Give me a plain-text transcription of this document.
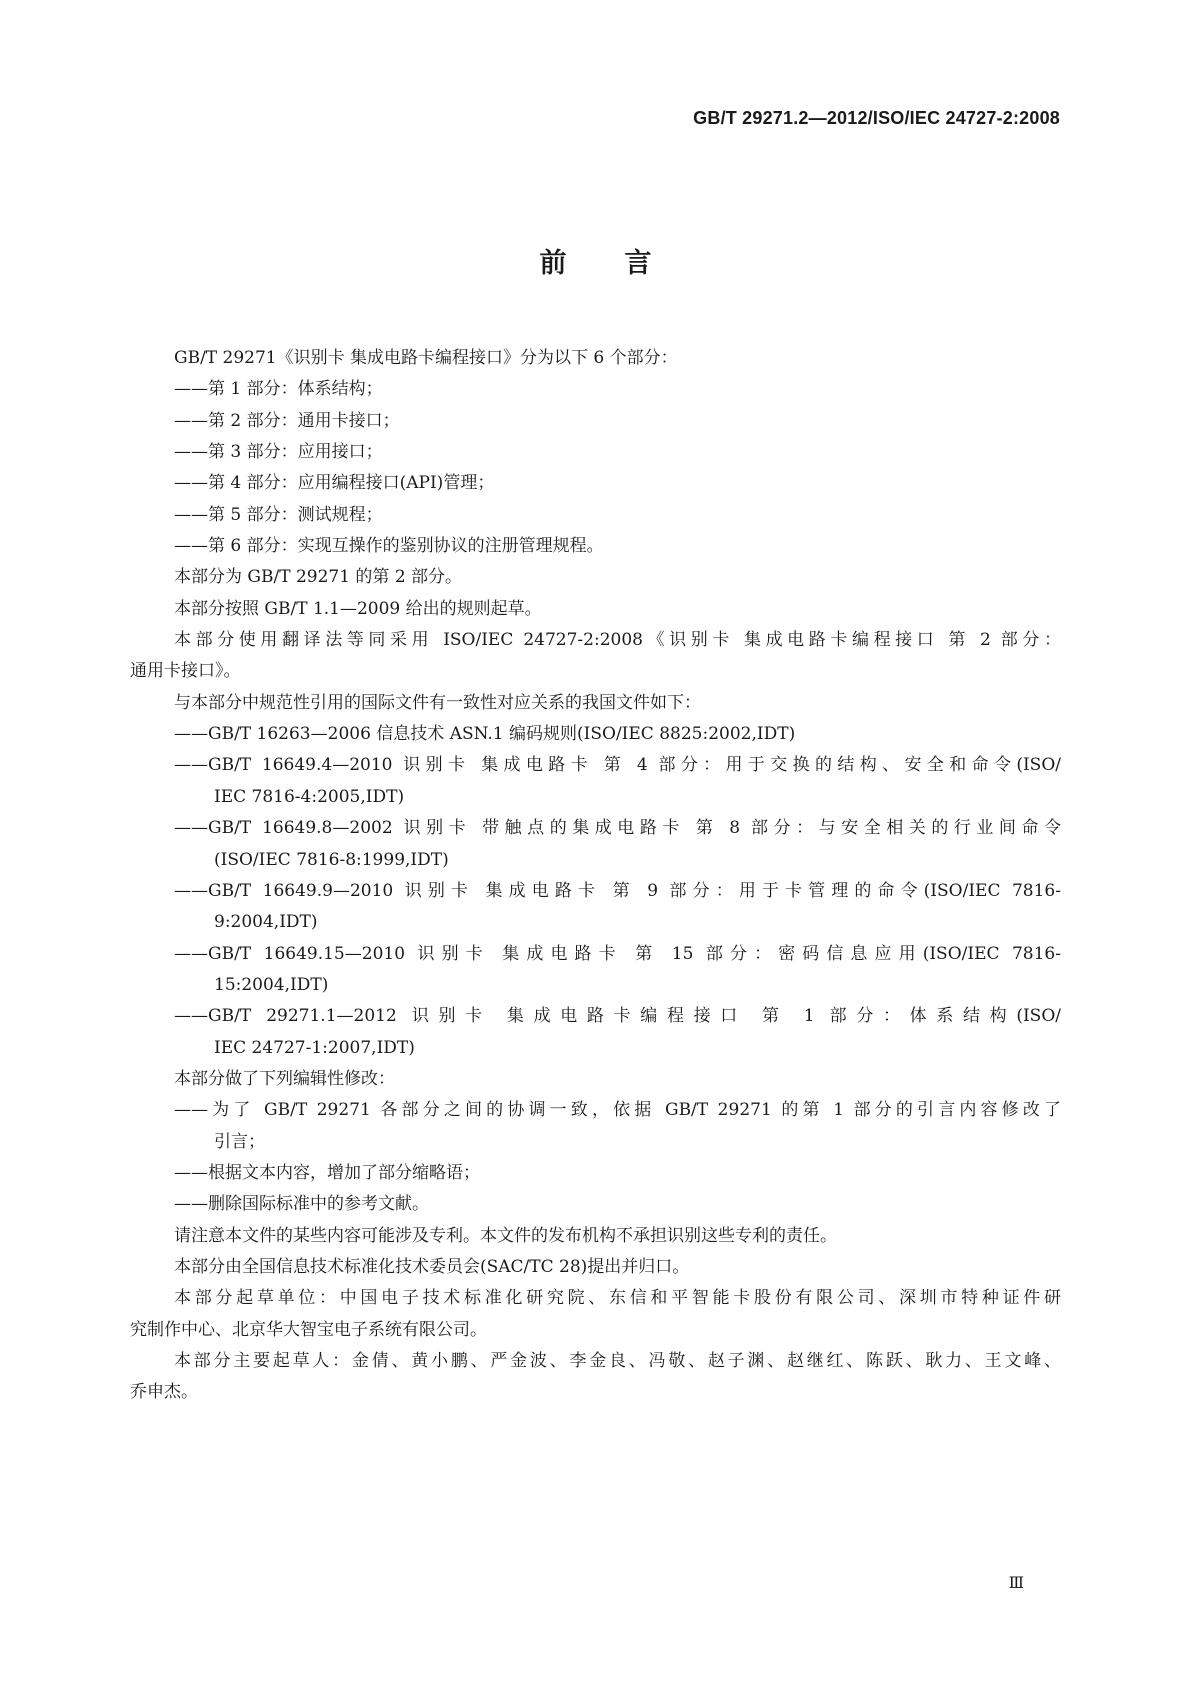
GB/T 29271.2—2012/ISO/IEC 24727-2:2008
前言
GB/T 29271《识别卡 集成电路卡编程接口》分为以下 6 个部分：
——第 1 部分：体系结构；
——第 2 部分：通用卡接口；
——第 3 部分：应用接口；
——第 4 部分：应用编程接口(API)管理；
——第 5 部分：测试规程；
——第 6 部分：实现互操作的鉴别协议的注册管理规程。
本部分为 GB/T 29271 的第 2 部分。
本部分按照 GB/T 1.1—2009 给出的规则起草。
本部分使用翻译法等同采用 ISO/IEC 24727-2:2008《识别卡 集成电路卡编程接口 第 2 部分：
通用卡接口》。
与本部分中规范性引用的国际文件有一致性对应关系的我国文件如下：
——GB/T 16263—2006 信息技术 ASN.1 编码规则(ISO/IEC 8825:2002,IDT)
——GB/T 16649.4—2010 识别卡 集成电路卡 第 4 部分：用于交换的结构、安全和命令(ISO/
IEC 7816-4:2005,IDT)
——GB/T 16649.8—2002 识别卡 带触点的集成电路卡 第 8 部分：与安全相关的行业间命令
(ISO/IEC 7816-8:1999,IDT)
——GB/T 16649.9—2010 识别卡 集成电路卡 第 9 部分：用于卡管理的命令(ISO/IEC 7816-
9:2004,IDT)
——GB/T 16649.15—2010 识别卡 集成电路卡 第 15 部分：密码信息应用(ISO/IEC 7816-
15:2004,IDT)
——GB/T 29271.1—2012 识别卡 集成电路卡编程接口 第 1 部分：体系结构(ISO/
IEC 24727-1:2007,IDT)
本部分做了下列编辑性修改：
——为了 GB/T 29271 各部分之间的协调一致，依据 GB/T 29271 的第 1 部分的引言内容修改了
引言；
——根据文本内容，增加了部分缩略语；
——删除国际标准中的参考文献。
请注意本文件的某些内容可能涉及专利。本文件的发布机构不承担识别这些专利的责任。
本部分由全国信息技术标准化技术委员会(SAC/TC 28)提出并归口。
本部分起草单位：中国电子技术标准化研究院、东信和平智能卡股份有限公司、深圳市特种证件研
究制作中心、北京华大智宝电子系统有限公司。
本部分主要起草人：金倩、黄小鹏、严金波、李金良、冯敬、赵子渊、赵继红、陈跃、耿力、王文峰、
乔申杰。
Ⅲ
